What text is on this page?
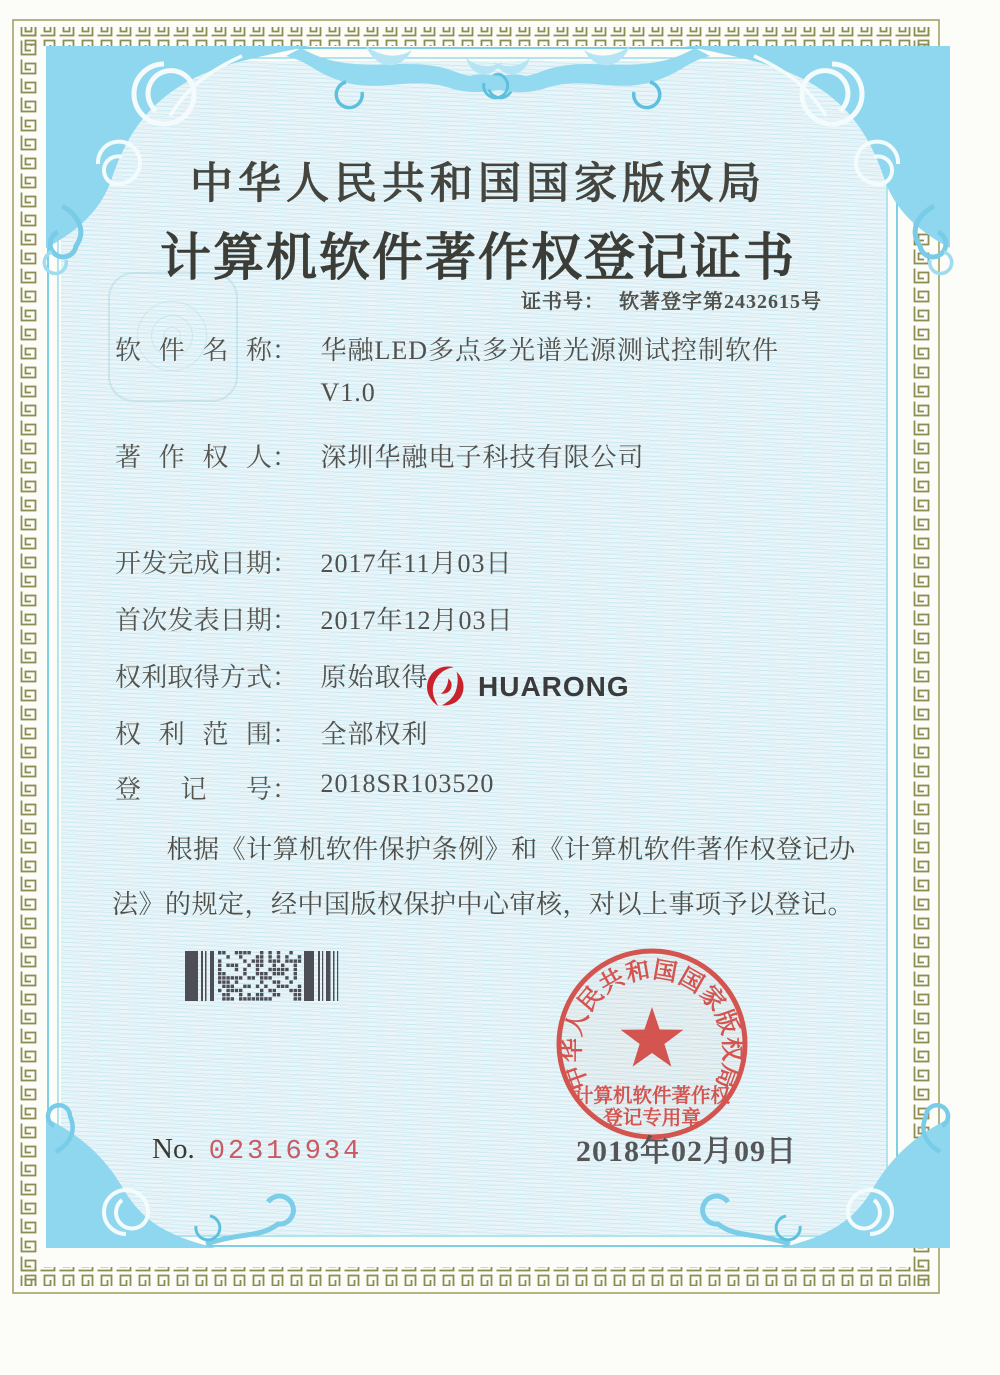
中华人民共和国国家版权局
计算机软件著作权登记证书
证书号： 软著登字第2432615号
软件名称： 华融LED多点多光谱光源测试控制软件
V1.0
著作权人： 深圳华融电子科技有限公司
开发完成日期： 2017年11月03日
首次发表日期： 2017年12月03日
权利取得方式： 原始取得
权利范围： 全部权利
登记号： 2018SR103520
根据《计算机软件保护条例》和《计算机软件著作权登记办法》的规定，经中国版权保护中心审核，对以上事项予以登记。
No. 02316934
中华人民共和国国家版权局
计算机软件著作权
登记专用章
2018年02月09日
HUARONG
